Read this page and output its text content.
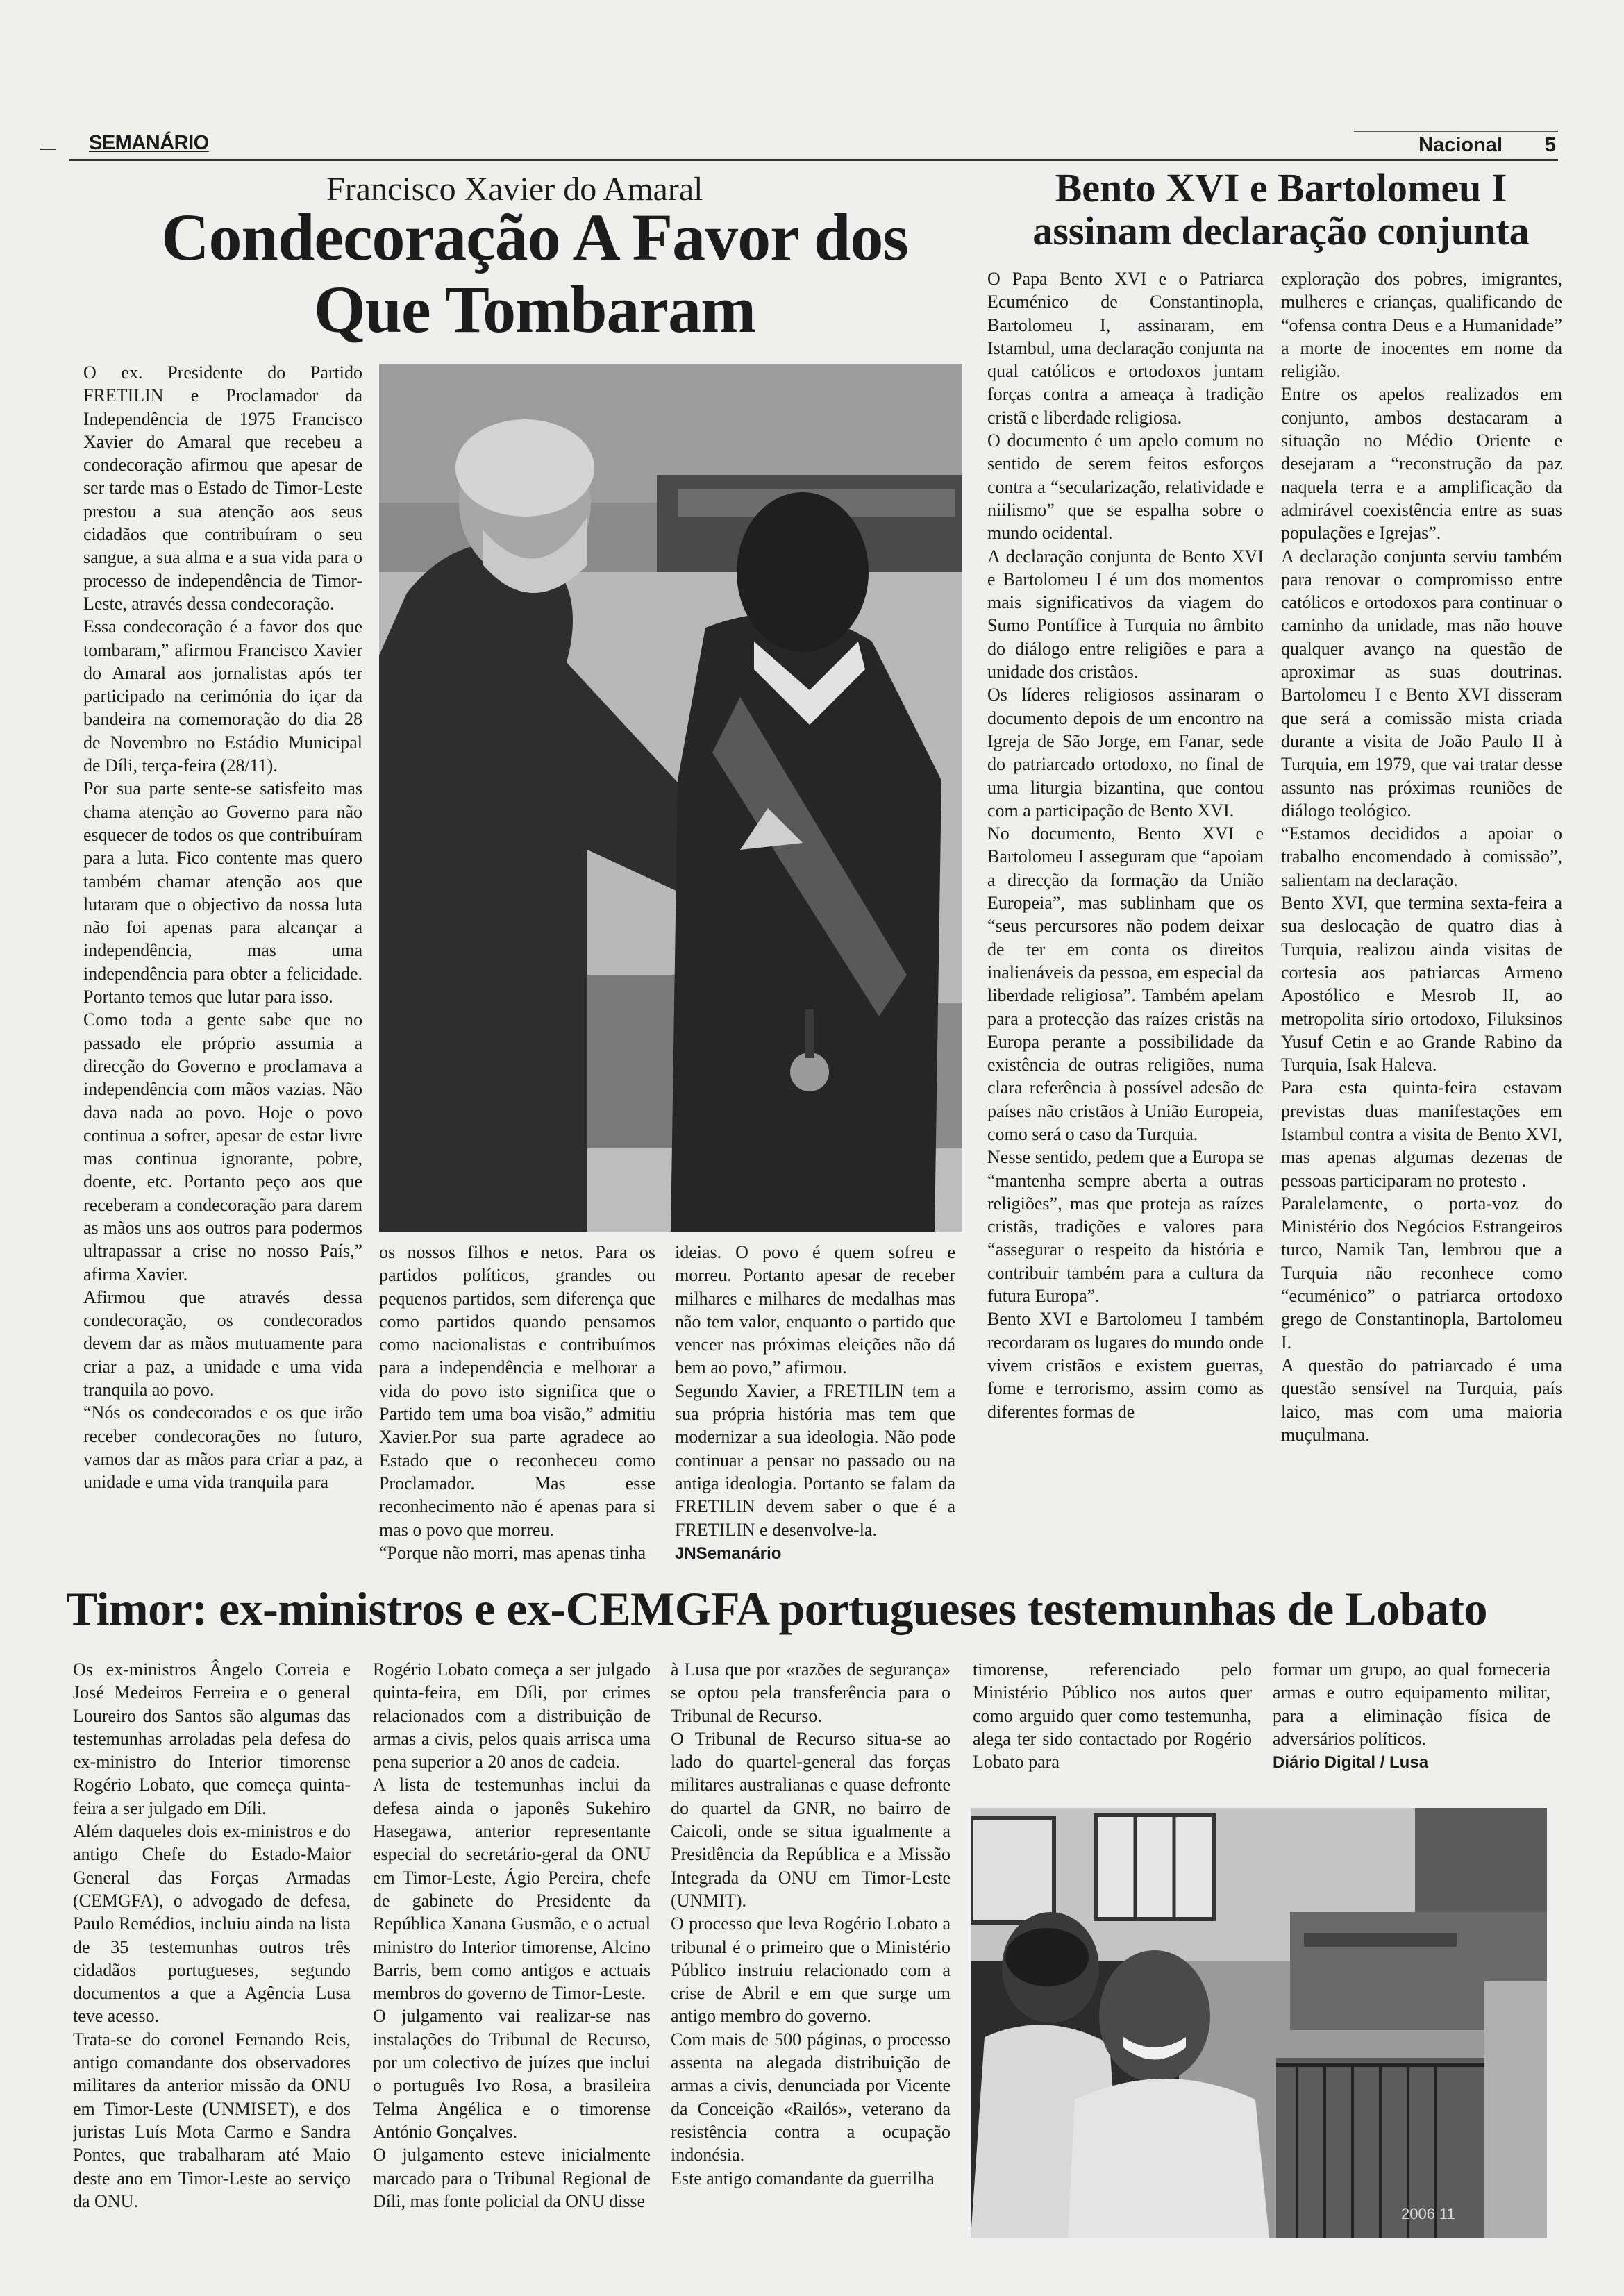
SEMANÁRIO	Nacional 5
Francisco Xavier do Amaral
Condecoração A Favor dos Que Tombaram

O ex. Presidente do Partido FRETILIN e Proclamador da Independência de 1975 Francisco Xavier do Amaral que recebeu a condecoração afirmou que apesar de ser tarde mas o Estado de Timor-Leste prestou a sua atenção aos seus cidadãos que contribuíram o seu sangue, a sua alma e a sua vida para o processo de independência de Timor-Leste, através dessa condecoração.

Essa condecoração é a favor dos que tombaram,” afirmou Francisco Xavier do Amaral aos jornalistas após ter participado na cerimónia do içar da bandeira na comemoração do dia 28 de Novembro no Estádio Municipal de Díli, terça-feira (28/11).

Por sua parte sente-se satisfeito mas chama atenção ao Governo para não esquecer de todos os que contribuíram para a luta. Fico contente mas quero também chamar atenção aos que lutaram que o objectivo da nossa luta não foi apenas para alcançar a independência, mas uma independência para obter a felicidade. Portanto temos que lutar para isso.

Como toda a gente sabe que no passado ele próprio assumia a direcção do Governo e proclamava a independência com mãos vazias. Não dava nada ao povo. Hoje o povo continua a sofrer, apesar de estar livre mas continua ignorante, pobre, doente, etc. Portanto peço aos que receberam a condecoração para darem as mãos uns aos outros para podermos ultrapassar a crise no nosso País,” afirma Xavier.

Afirmou que através dessa condecoração, os condecorados devem dar as mãos mutuamente para criar a paz, a unidade e uma vida tranquila ao povo.

“Nós os condecorados e os que irão receber condecorações no futuro, vamos dar as mãos para criar a paz, a unidade e uma vida tranquila para

os nossos filhos e netos. Para os partidos políticos, grandes ou pequenos partidos, sem diferença que como partidos quando pensamos como nacionalistas e contribuímos para a independência e melhorar a vida do povo isto significa que o Partido tem uma boa visão,” admitiu Xavier.Por sua parte agradece ao Estado que o reconheceu como Proclamador. Mas esse reconhecimento não é apenas para si mas o povo que morreu.

“Porque não morri, mas apenas tinha

ideias. O povo é quem sofreu e morreu. Portanto apesar de receber milhares e milhares de medalhas mas não tem valor, enquanto o partido que vencer nas próximas eleições não dá bem ao povo,” afirmou.

Segundo Xavier, a FRETILIN tem a sua própria história mas tem que modernizar a sua ideologia. Não pode continuar a pensar no passado ou na antiga ideologia. Portanto se falam da FRETILIN devem saber o que é a FRETILIN e desenvolve-la.

JNSemanário

Bento XVI e Bartolomeu I assinam declaração conjunta

O Papa Bento XVI e o Patriarca Ecuménico de Constantinopla, Bartolomeu I, assinaram, em Istambul, uma declaração conjunta na qual católicos e ortodoxos juntam forças contra a ameaça à tradição cristã e liberdade religiosa.

O documento é um apelo comum no sentido de serem feitos esforços contra a “secularização, relatividade e niilismo” que se espalha sobre o mundo ocidental.

A declaração conjunta de Bento XVI e Bartolomeu I é um dos momentos mais significativos da viagem do Sumo Pontífice à Turquia no âmbito do diálogo entre religiões e para a unidade dos cristãos.

Os líderes religiosos assinaram o documento depois de um encontro na Igreja de São Jorge, em Fanar, sede do patriarcado ortodoxo, no final de uma liturgia bizantina, que contou com a participação de Bento XVI.

No documento, Bento XVI e Bartolomeu I asseguram que “apoiam a direcção da formação da União Europeia”, mas sublinham que os “seus percursores não podem deixar de ter em conta os direitos inalienáveis da pessoa, em especial da liberdade religiosa”. Também apelam para a protecção das raízes cristãs na Europa perante a possibilidade da existência de outras religiões, numa clara referência à possível adesão de países não cristãos à União Europeia, como será o caso da Turquia.

Nesse sentido, pedem que a Europa se “mantenha sempre aberta a outras religiões”, mas que proteja as raízes cristãs, tradições e valores para “assegurar o respeito da história e contribuir também para a cultura da futura Europa”.

Bento XVI e Bartolomeu I também recordaram os lugares do mundo onde vivem cristãos e existem guerras, fome e terrorismo, assim como as diferentes formas de

exploração dos pobres, imigrantes, mulheres e crianças, qualificando de “ofensa contra Deus e a Humanidade” a morte de inocentes em nome da religião.

Entre os apelos realizados em conjunto, ambos destacaram a situação no Médio Oriente e desejaram a “reconstrução da paz naquela terra e a amplificação da admirável coexistência entre as suas populações e Igrejas”.

A declaração conjunta serviu também para renovar o compromisso entre católicos e ortodoxos para continuar o caminho da unidade, mas não houve qualquer avanço na questão de aproximar as suas doutrinas. Bartolomeu I e Bento XVI disseram que será a comissão mista criada durante a visita de João Paulo II à Turquia, em 1979, que vai tratar desse assunto nas próximas reuniões de diálogo teológico.

“Estamos decididos a apoiar o trabalho encomendado à comissão”, salientam na declaração.

Bento XVI, que termina sexta-feira a sua deslocação de quatro dias à Turquia, realizou ainda visitas de cortesia aos patriarcas Armeno Apostólico e Mesrob II, ao metropolita sírio ortodoxo, Filuksinos Yusuf Cetin e ao Grande Rabino da Turquia, Isak Haleva.

Para esta quinta-feira estavam previstas duas manifestações em Istambul contra a visita de Bento XVI, mas apenas algumas dezenas de pessoas participaram no protesto .

Paralelamente, o porta-voz do Ministério dos Negócios Estrangeiros turco, Namik Tan, lembrou que a Turquia não reconhece como “ecuménico” o patriarca ortodoxo grego de Constantinopla, Bartolomeu I.

A questão do patriarcado é uma questão sensível na Turquia, país laico, mas com uma maioria muçulmana.

Timor: ex-ministros e ex-CEMGFA portugueses testemunhas de Lobato

Os ex-ministros Ângelo Correia e José Medeiros Ferreira e o general Loureiro dos Santos são algumas das testemunhas arroladas pela defesa do ex-ministro do Interior timorense Rogério Lobato, que começa quinta-feira a ser julgado em Díli.

Além daqueles dois ex-ministros e do antigo Chefe do Estado-Maior General das Forças Armadas (CEMGFA), o advogado de defesa, Paulo Remédios, incluiu ainda na lista de 35 testemunhas outros três cidadãos portugueses, segundo documentos a que a Agência Lusa teve acesso.

Trata-se do coronel Fernando Reis, antigo comandante dos observadores militares da anterior missão da ONU em Timor-Leste (UNMISET), e dos juristas Luís Mota Carmo e Sandra Pontes, que trabalharam até Maio deste ano em Timor-Leste ao serviço da ONU.

Rogério Lobato começa a ser julgado quinta-feira, em Díli, por crimes relacionados com a distribuição de armas a civis, pelos quais arrisca uma pena superior a 20 anos de cadeia.

A lista de testemunhas inclui da defesa ainda o japonês Sukehiro Hasegawa, anterior representante especial do secretário-geral da ONU em Timor-Leste, Ágio Pereira, chefe de gabinete do Presidente da República Xanana Gusmão, e o actual ministro do Interior timorense, Alcino Barris, bem como antigos e actuais membros do governo de Timor-Leste.

O julgamento vai realizar-se nas instalações do Tribunal de Recurso, por um colectivo de juízes que inclui o português Ivo Rosa, a brasileira Telma Angélica e o timorense António Gonçalves.

O julgamento esteve inicialmente marcado para o Tribunal Regional de Díli, mas fonte policial da ONU disse

à Lusa que por «razões de segurança» se optou pela transferência para o Tribunal de Recurso.

O Tribunal de Recurso situa-se ao lado do quartel-general das forças militares australianas e quase defronte do quartel da GNR, no bairro de Caicoli, onde se situa igualmente a Presidência da República e a Missão Integrada da ONU em Timor-Leste (UNMIT).

O processo que leva Rogério Lobato a tribunal é o primeiro que o Ministério Público instruiu relacionado com a crise de Abril e em que surge um antigo membro do governo.

Com mais de 500 páginas, o processo assenta na alegada distribuição de armas a civis, denunciada por Vicente da Conceição «Railós», veterano da resistência contra a ocupação indonésia.

Este antigo comandante da guerrilha

timorense, referenciado pelo Ministério Público nos autos quer como arguido quer como testemunha, alega ter sido contactado por Rogério Lobato para

formar um grupo, ao qual forneceria armas e outro equipamento militar, para a eliminação física de adversários políticos.

Diário Digital / Lusa

2006 11
